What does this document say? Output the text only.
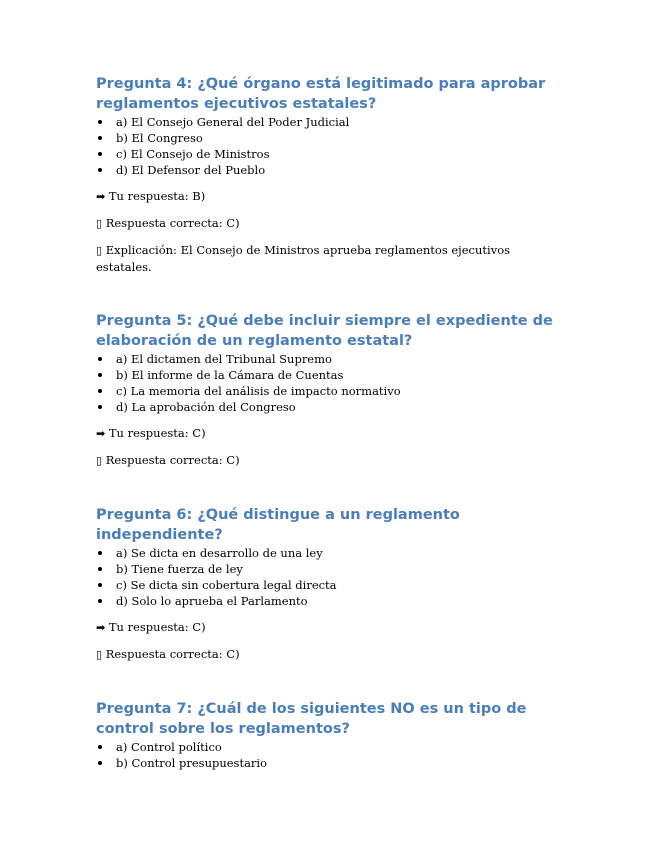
Pregunta 4: ¿Qué órgano está legitimado para aprobar reglamentos ejecutivos estatales?
a) El Consejo General del Poder Judicial
b) El Congreso
c) El Consejo de Ministros
d) El Defensor del Pueblo

➡ Tu respuesta: B)

▯ Respuesta correcta: C)

▯ Explicación: El Consejo de Ministros aprueba reglamentos ejecutivos estatales.

Pregunta 5: ¿Qué debe incluir siempre el expediente de elaboración de un reglamento estatal?
a) El dictamen del Tribunal Supremo
b) El informe de la Cámara de Cuentas
c) La memoria del análisis de impacto normativo
d) La aprobación del Congreso

➡ Tu respuesta: C)

▯ Respuesta correcta: C)

Pregunta 6: ¿Qué distingue a un reglamento independiente?
a) Se dicta en desarrollo de una ley
b) Tiene fuerza de ley
c) Se dicta sin cobertura legal directa
d) Solo lo aprueba el Parlamento

➡ Tu respuesta: C)

▯ Respuesta correcta: C)

Pregunta 7: ¿Cuál de los siguientes NO es un tipo de control sobre los reglamentos?
a) Control político
b) Control presupuestario
